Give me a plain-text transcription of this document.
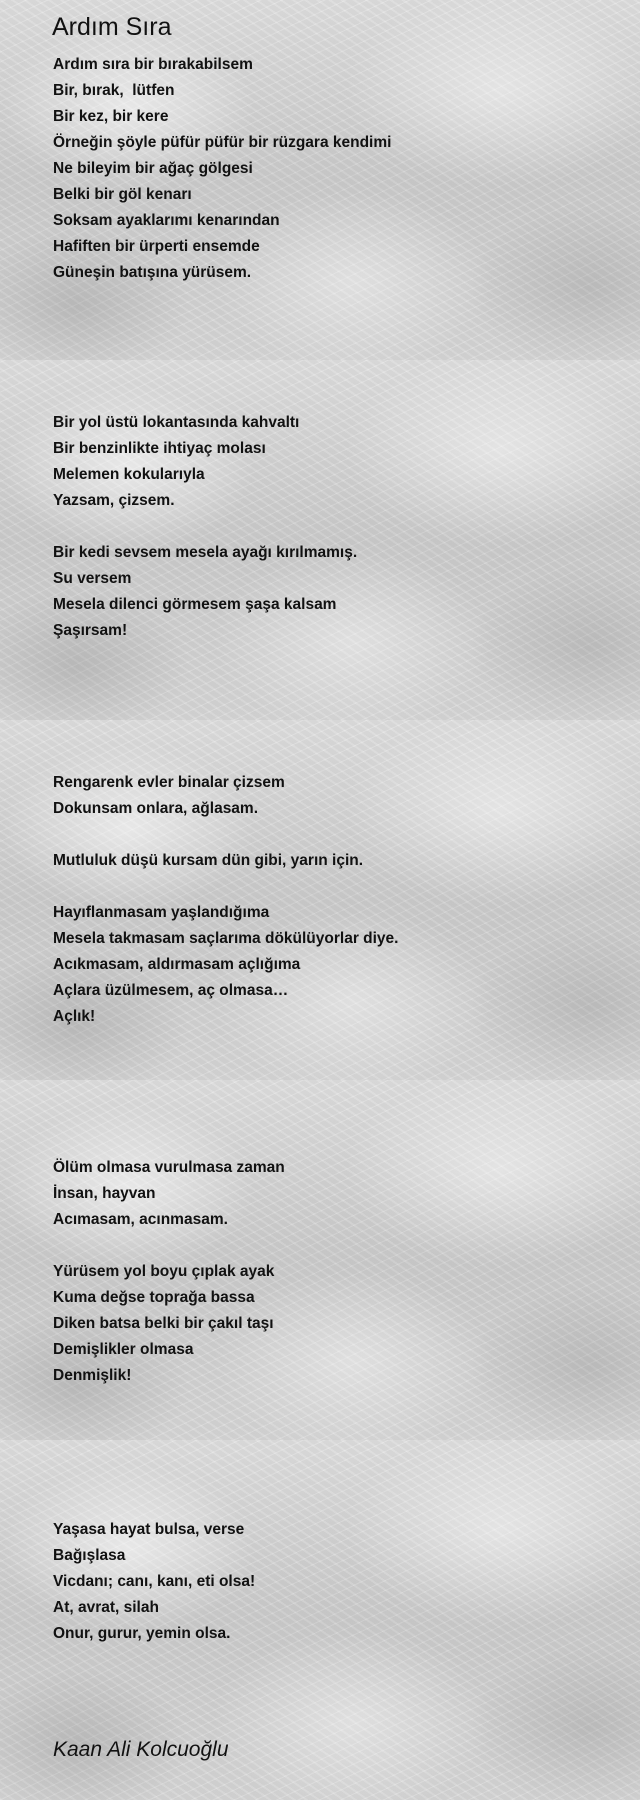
Ardım Sıra
Ardım sıra bir bırakabilsem
Bir, bırak,  lütfen
Bir kez, bir kere
Örneğin şöyle püfür püfür bir rüzgara kendimi
Ne bileyim bir ağaç gölgesi
Belki bir göl kenarı
Soksam ayaklarımı kenarından
Hafiften bir ürperti ensemde
Güneşin batışına yürüsem.
Bir yol üstü lokantasında kahvaltı
Bir benzinlikte ihtiyaç molası
Melemen kokularıyla
Yazsam, çizsem.
Bir kedi sevsem mesela ayağı kırılmamış.
Su versem
Mesela dilenci görmesem şaşa kalsam
Şaşırsam!
Rengarenk evler binalar çizsem
Dokunsam onlara, ağlasam.
Mutluluk düşü kursam dün gibi, yarın için.
Hayıflanmasam yaşlandığıma
Mesela takmasam saçlarıma dökülüyorlar diye.
Acıkmasam, aldırmasam açlığıma
Açlara üzülmesem, aç olmasa…
Açlık!
Ölüm olmasa vurulmasa zaman
İnsan, hayvan
Acımasam, acınmasam.
Yürüsem yol boyu çıplak ayak
Kuma değse toprağa bassa
Diken batsa belki bir çakıl taşı
Demişlikler olmasa
Denmişlik!
Yaşasa hayat bulsa, verse
Bağışlasa
Vicdanı; canı, kanı, eti olsa!
At, avrat, silah
Onur, gurur, yemin olsa.
Kaan Ali Kolcuoğlu
